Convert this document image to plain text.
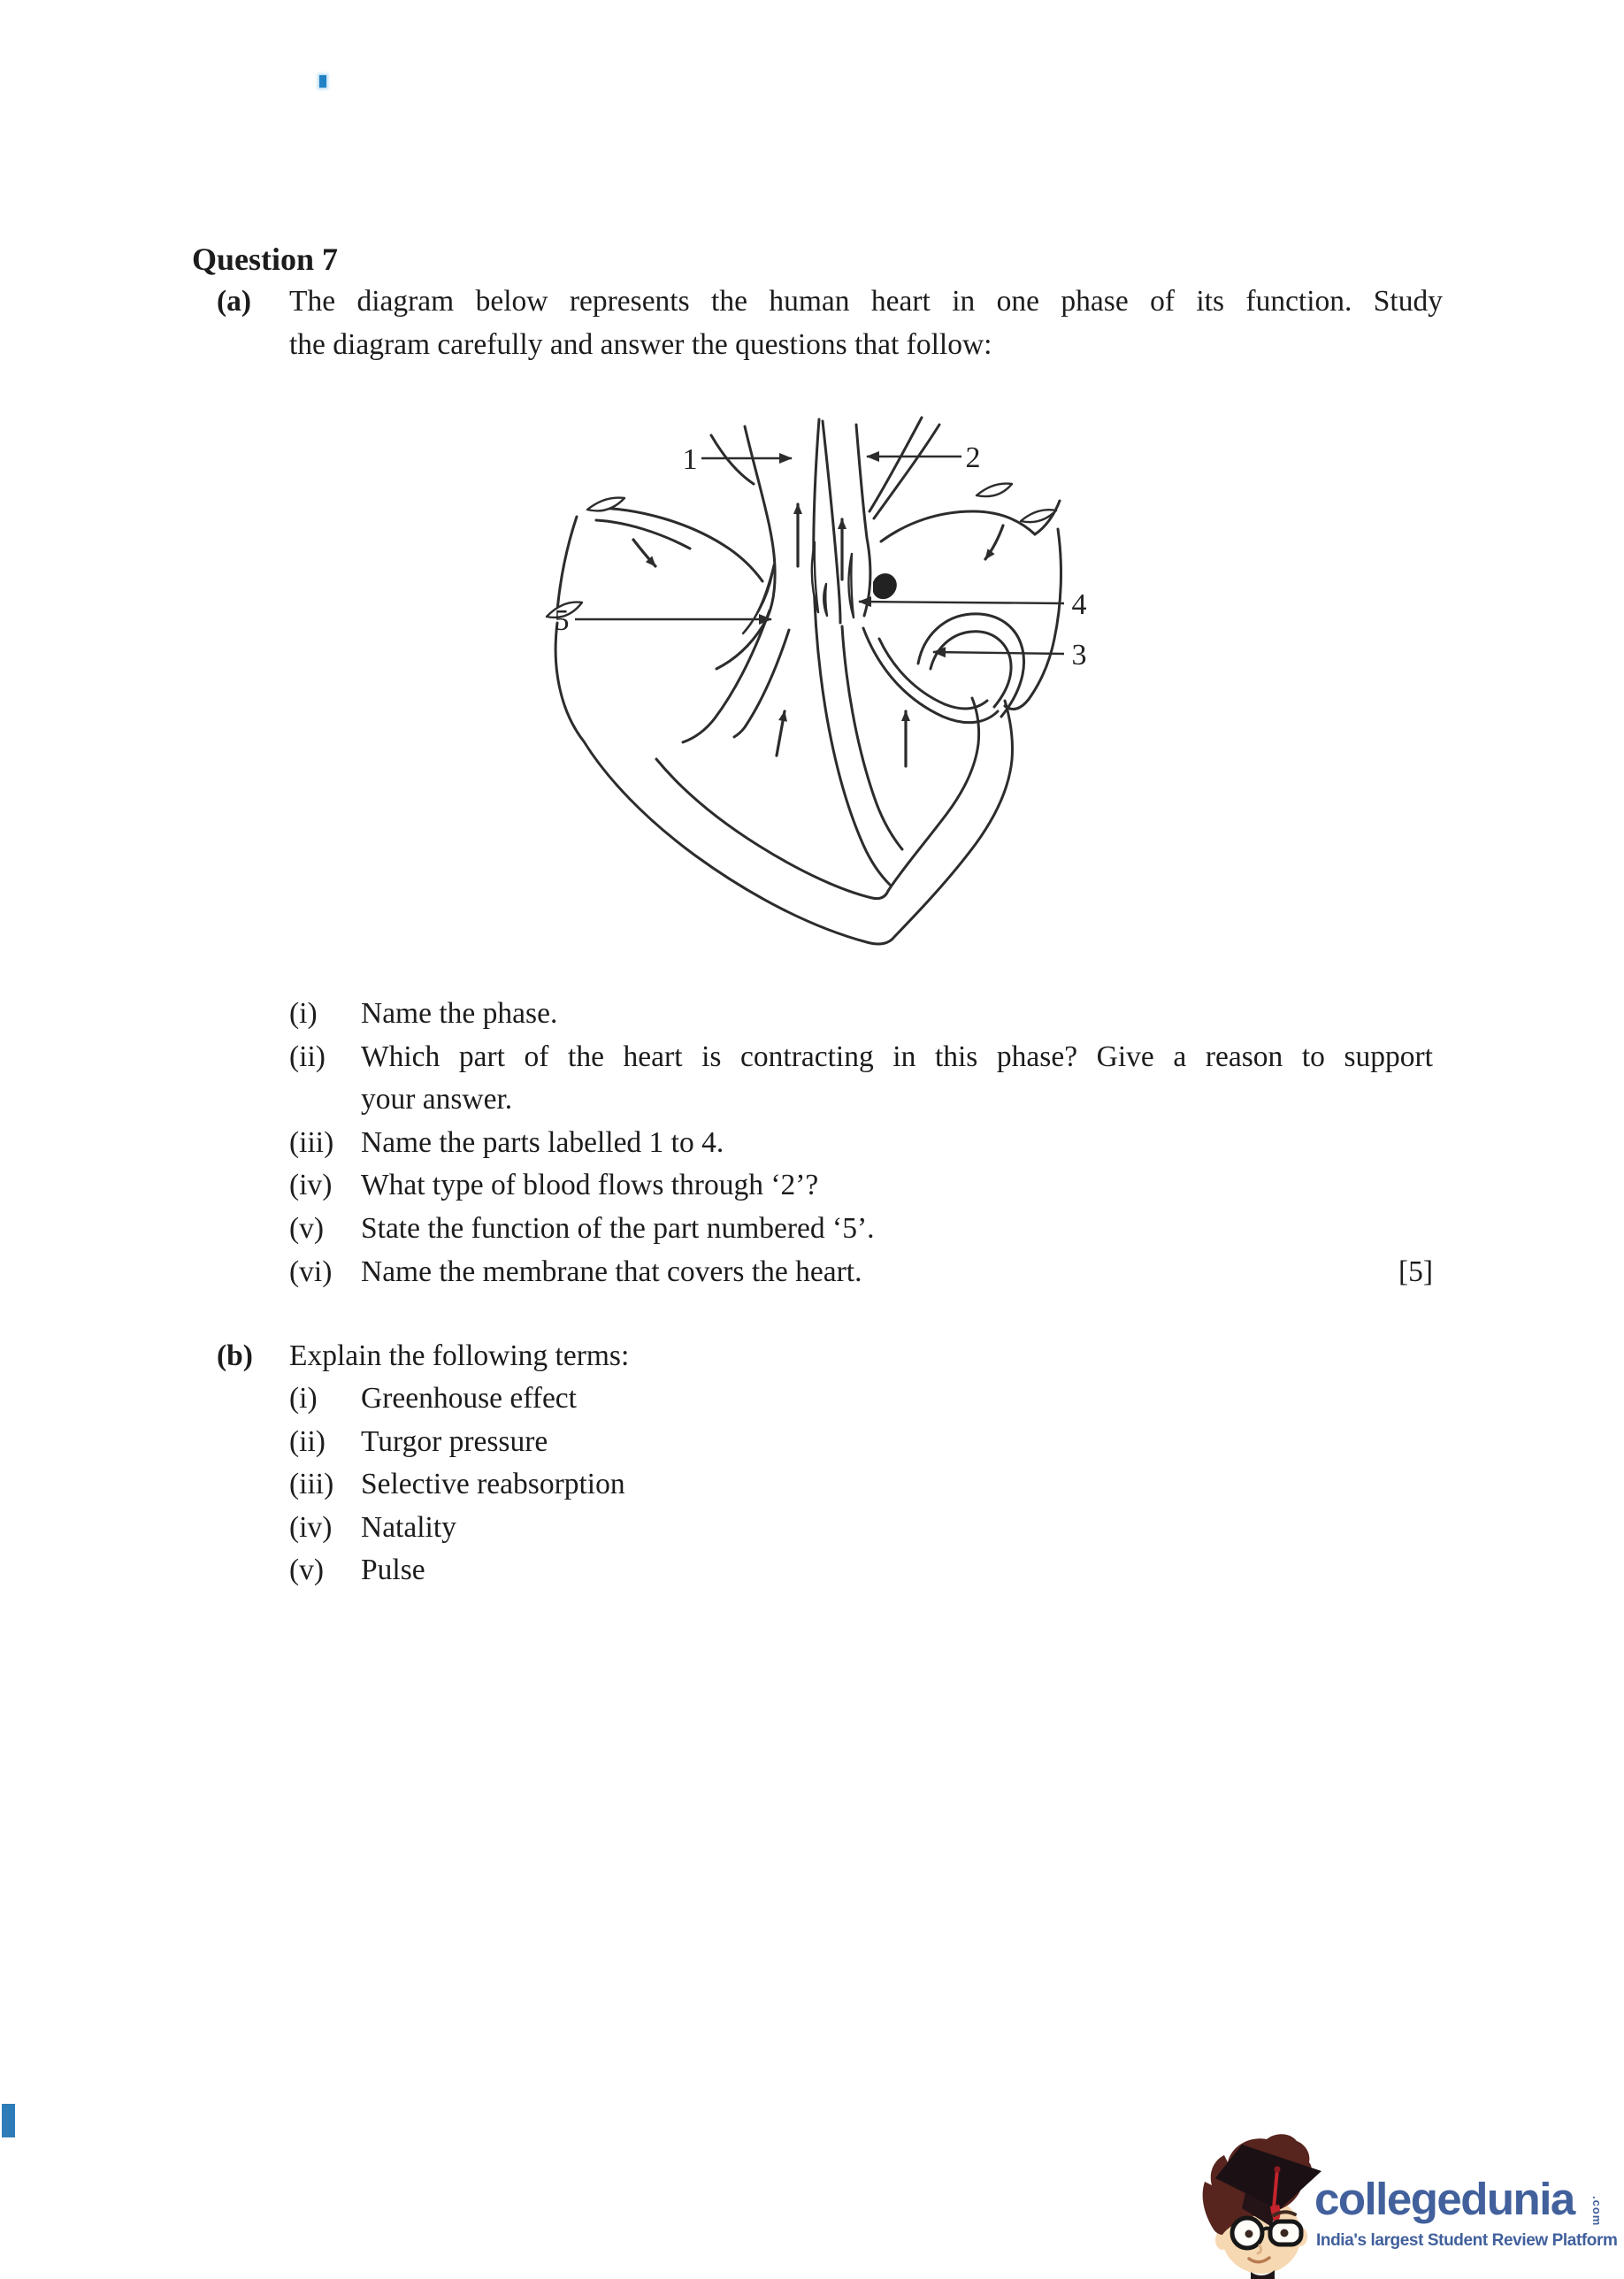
Question 7
(a) The diagram below represents the human heart in one phase of its function. Study
the diagram carefully and answer the questions that follow:
1	2
3
4
5
(i)	Name the phase.
(ii)	Which part of the heart is contracting in this phase? Give a reason to support
your answer.
(iii) Name the parts labelled 1 to 4.
(iv) What type of blood flows through ‘2’?
(v)	State the function of the part numbered ‘5’.
(vi) Name the membrane that covers the heart.	[5]
(b) Explain the following terms:
(i)	Greenhouse effect
(ii)	Turgor pressure
(iii) Selective reabsorption
(iv) Natality
(v)	Pulse
collegedunia .com
India's largest Student Review Platform
